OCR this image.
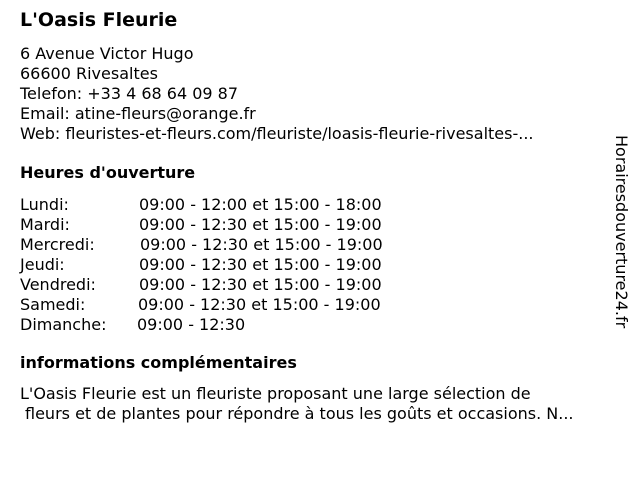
L'Oasis Fleurie
6 Avenue Victor Hugo
66600 Rivesaltes
Telefon: +33 4 68 64 09 87
Email: atine-fleurs@orange.fr
Web: fleuristes-et-fleurs.com/fleuriste/loasis-fleurie-rivesaltes-...
Heures d'ouverture
Lundi:	09:00 - 12:00 et 15:00 - 18:00
Mardi:	09:00 - 12:30 et 15:00 - 19:00
Mercredi:	09:00 - 12:30 et 15:00 - 19:00
Jeudi:	09:00 - 12:30 et 15:00 - 19:00
Vendredi:	09:00 - 12:30 et 15:00 - 19:00
Samedi:	09:00 - 12:30 et 15:00 - 19:00
Dimanche: 09:00 - 12:30
informations complémentaires
L'Oasis Fleurie est un fleuriste proposant une large sélection de
fleurs et de plantes pour répondre à tous les goûts et occasions. N...
Horairesdouverture24.fr
